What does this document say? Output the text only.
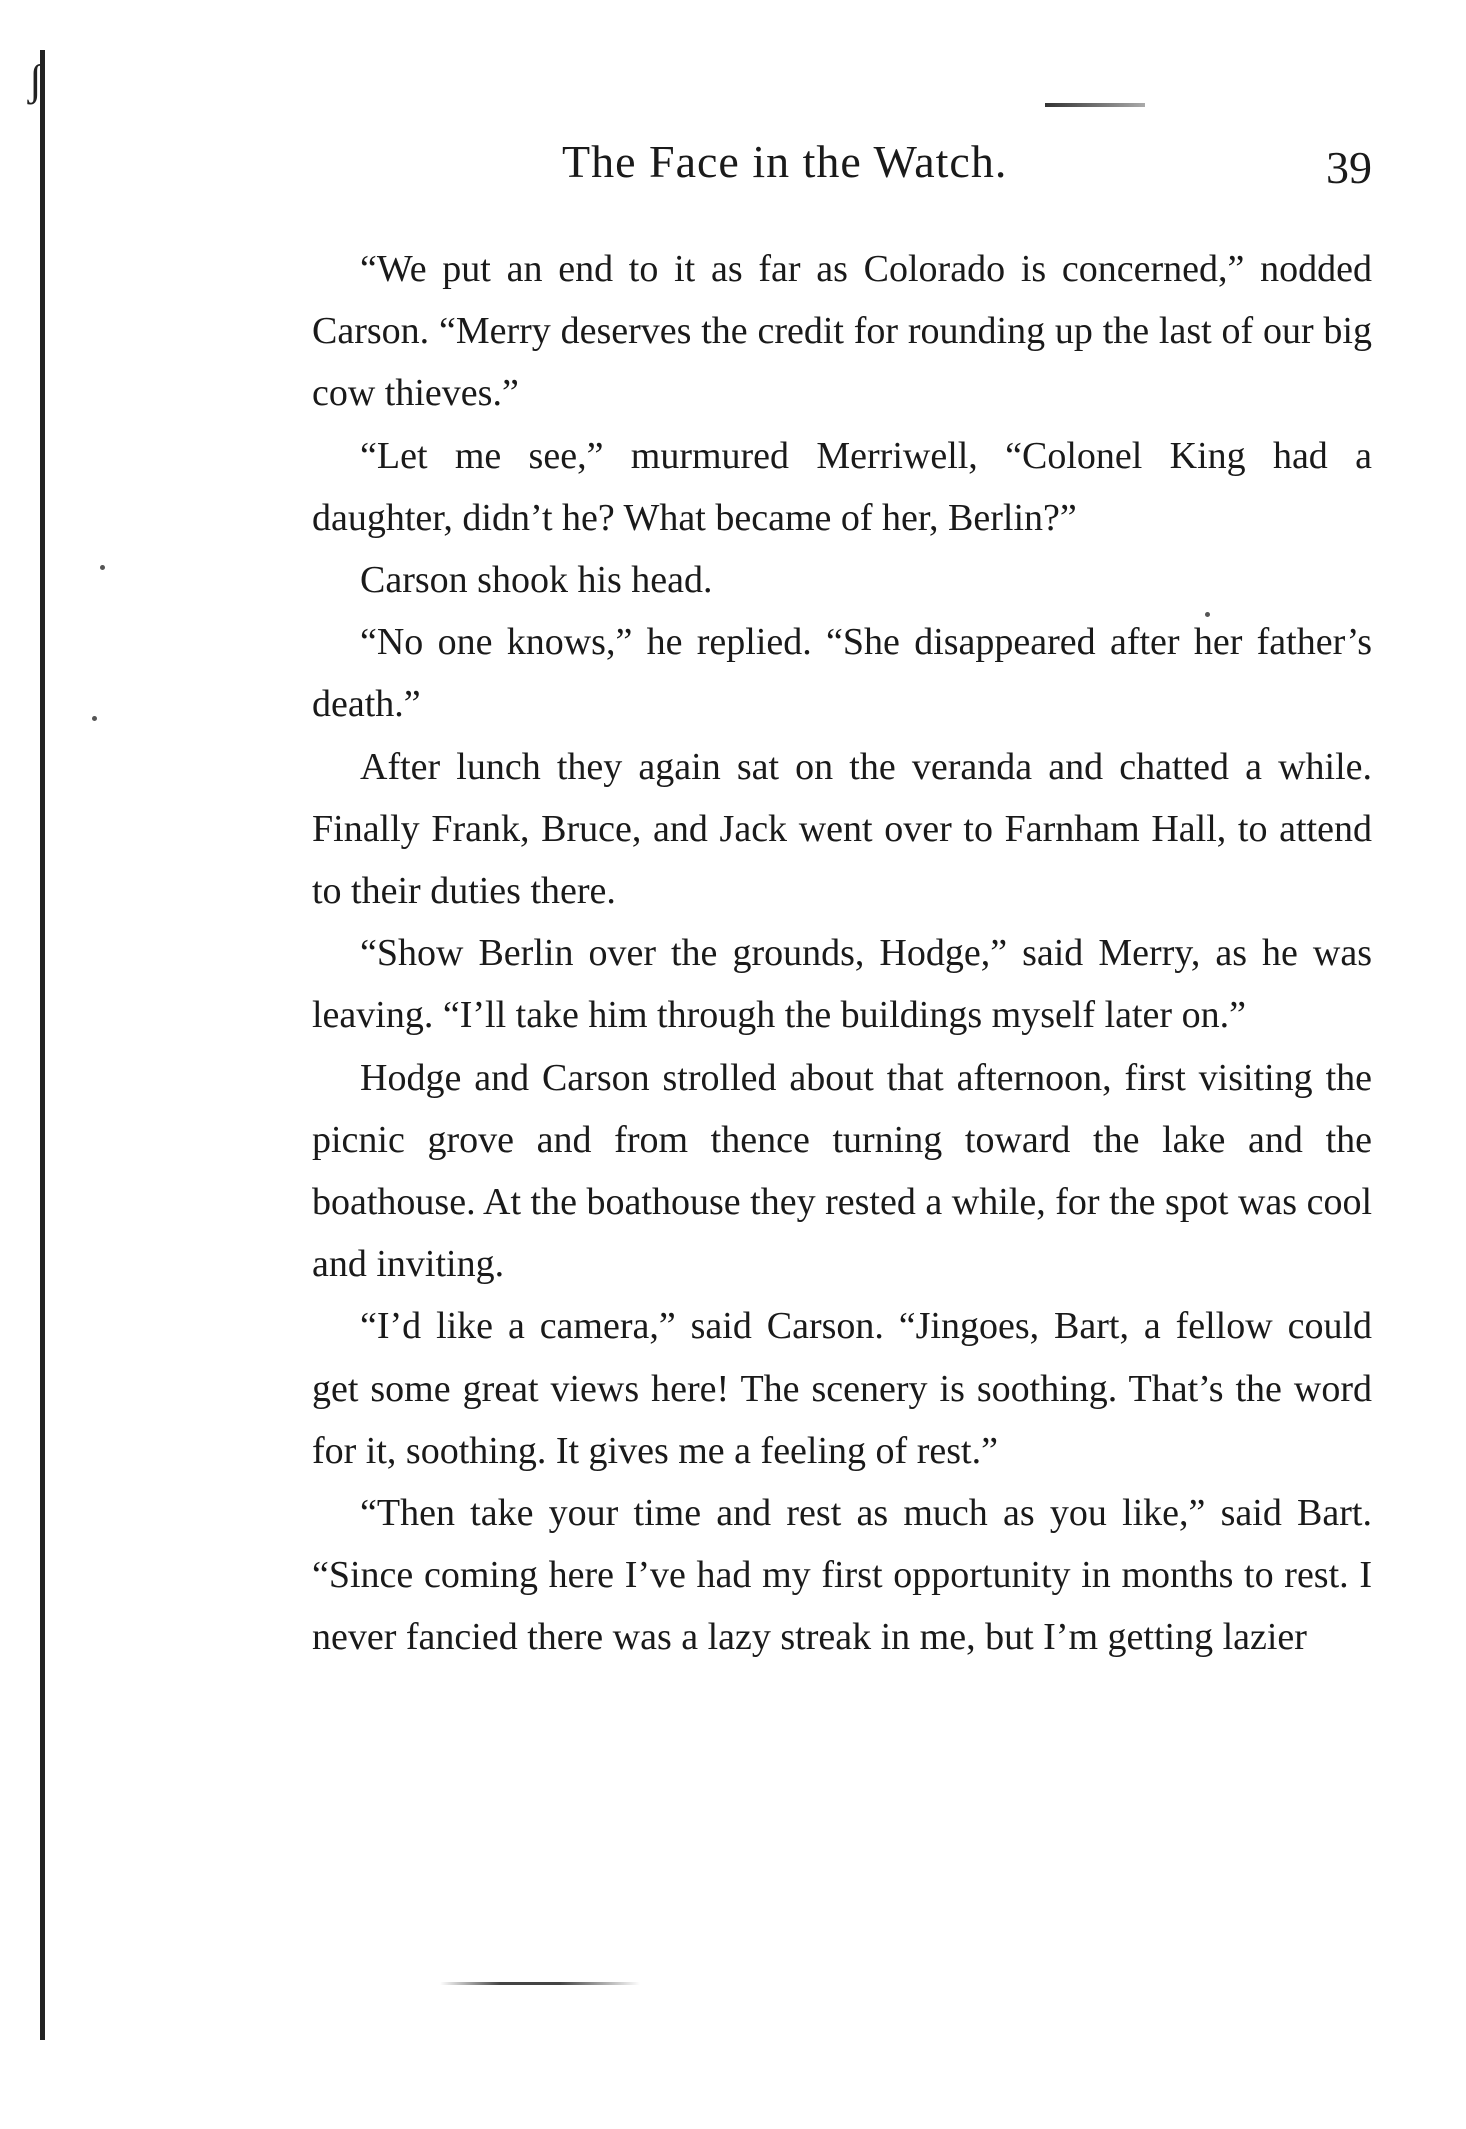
ʃ
The Face in the Watch.	39

“We put an end to it as far as Colorado is concerned,” nodded Carson. “Merry deserves the credit for rounding up the last of our big cow thieves.”

“Let me see,” murmured Merriwell, “Colonel King had a daughter, didn’t he? What became of her, Berlin?”

Carson shook his head.

“No one knows,” he replied. “She disappeared after her father’s death.”

After lunch they again sat on the veranda and chatted a while. Finally Frank, Bruce, and Jack went over to Farnham Hall, to attend to their duties there.

“Show Berlin over the grounds, Hodge,” said Merry, as he was leaving. “I’ll take him through the buildings myself later on.”

Hodge and Carson strolled about that afternoon, first visiting the picnic grove and from thence turning toward the lake and the boathouse. At the boathouse they rested a while, for the spot was cool and inviting.

“I’d like a camera,” said Carson. “Jingoes, Bart, a fellow could get some great views here! The scenery is soothing. That’s the word for it, soothing. It gives me a feeling of rest.”

“Then take your time and rest as much as you like,” said Bart. “Since coming here I’ve had my first opportunity in months to rest. I never fancied there was a lazy streak in me, but I’m getting lazier
